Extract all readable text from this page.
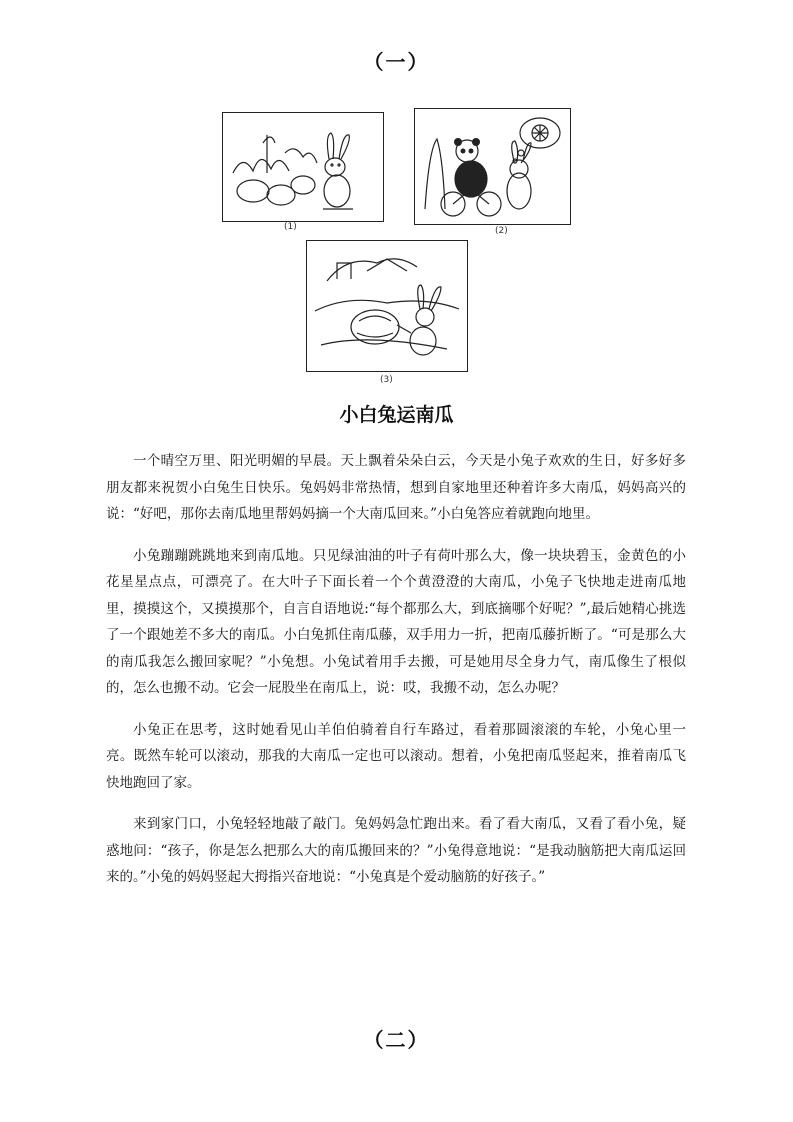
（一）
(1)	(2)
(3)
小白兔运南瓜

一个晴空万里、阳光明媚的早晨。天上飘着朵朵白云，今天是小兔子欢欢的生日，好多好多朋友都来祝贺小白兔生日快乐。兔妈妈非常热情，想到自家地里还种着许多大南瓜，妈妈高兴的说：“好吧，那你去南瓜地里帮妈妈摘一个大南瓜回来。”小白兔答应着就跑向地里。

小兔蹦蹦跳跳地来到南瓜地。只见绿油油的叶子有荷叶那么大，像一块块碧玉，金黄色的小花星星点点，可漂亮了。在大叶子下面长着一个个黄澄澄的大南瓜，小兔子飞快地走进南瓜地里，摸摸这个，又摸摸那个，自言自语地说:“每个都那么大，到底摘哪个好呢？”,最后她精心挑选了一个跟她差不多大的南瓜。小白兔抓住南瓜藤，双手用力一折，把南瓜藤折断了。“可是那么大的南瓜我怎么搬回家呢？”小兔想。小兔试着用手去搬，可是她用尽全身力气，南瓜像生了根似的，怎么也搬不动。它会一屁股坐在南瓜上，说：哎，我搬不动，怎么办呢？

小兔正在思考，这时她看见山羊伯伯骑着自行车路过，看着那圆滚滚的车轮，小兔心里一亮。既然车轮可以滚动，那我的大南瓜一定也可以滚动。想着，小兔把南瓜竖起来，推着南瓜飞快地跑回了家。

来到家门口，小兔轻轻地敲了敲门。兔妈妈急忙跑出来。看了看大南瓜，又看了看小兔，疑惑地问：“孩子，你是怎么把那么大的南瓜搬回来的？”小兔得意地说：“是我动脑筋把大南瓜运回来的。”小兔的妈妈竖起大拇指兴奋地说：“小兔真是个爱动脑筋的好孩子。”

（二）
